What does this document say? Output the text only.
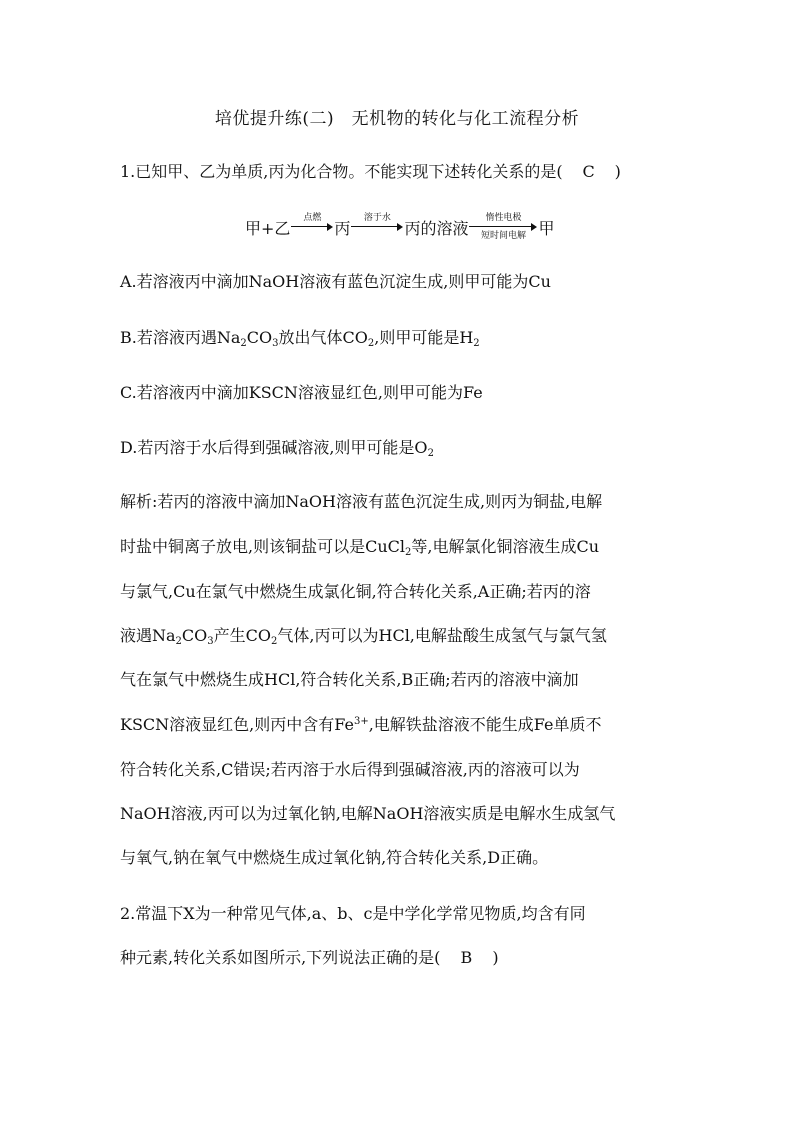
培优提升练(二)　无机物的转化与化工流程分析
1.已知甲、乙为单质,丙为化合物。不能实现下述转化关系的是( C )
甲+乙
点燃
丙
溶于水
丙的溶液
惰性电极
短时间电解 甲
A.若溶液丙中滴加NaOH溶液有蓝色沉淀生成,则甲可能为Cu
B.若溶液丙遇$Na_2CO_3$放出气体$CO_2$,则甲可能是$H_2$
C.若溶液丙中滴加KSCN溶液显红色,则甲可能为Fe
D.若丙溶于水后得到强碱溶液,则甲可能是$O_2$
解析:若丙的溶液中滴加NaOH溶液有蓝色沉淀生成,则丙为铜盐,电解
时盐中铜离子放电,则该铜盐可以是CuCl$_2$等,电解氯化铜溶液生成Cu
与氯气,Cu在氯气中燃烧生成氯化铜,符合转化关系,A正确;若丙的溶
液遇$Na_2CO_3$产生$CO_2$气体,丙可以为HCl,电解盐酸生成氢气与氯气氢
气在氯气中燃烧生成HCl,符合转化关系,B正确;若丙的溶液中滴加
KSCN溶液显红色,则丙中含有$Fe^{3+}$,电解铁盐溶液不能生成Fe单质不
符合转化关系,C错误;若丙溶于水后得到强碱溶液,丙的溶液可以为
NaOH溶液,丙可以为过氧化钠,电解NaOH溶液实质是电解水生成氢气
与氧气,钠在氧气中燃烧生成过氧化钠,符合转化关系,D正确。
2.常温下X为一种常见气体,a、b、c是中学化学常见物质,均含有同
种元素,转化关系如图所示,下列说法正确的是( B )
